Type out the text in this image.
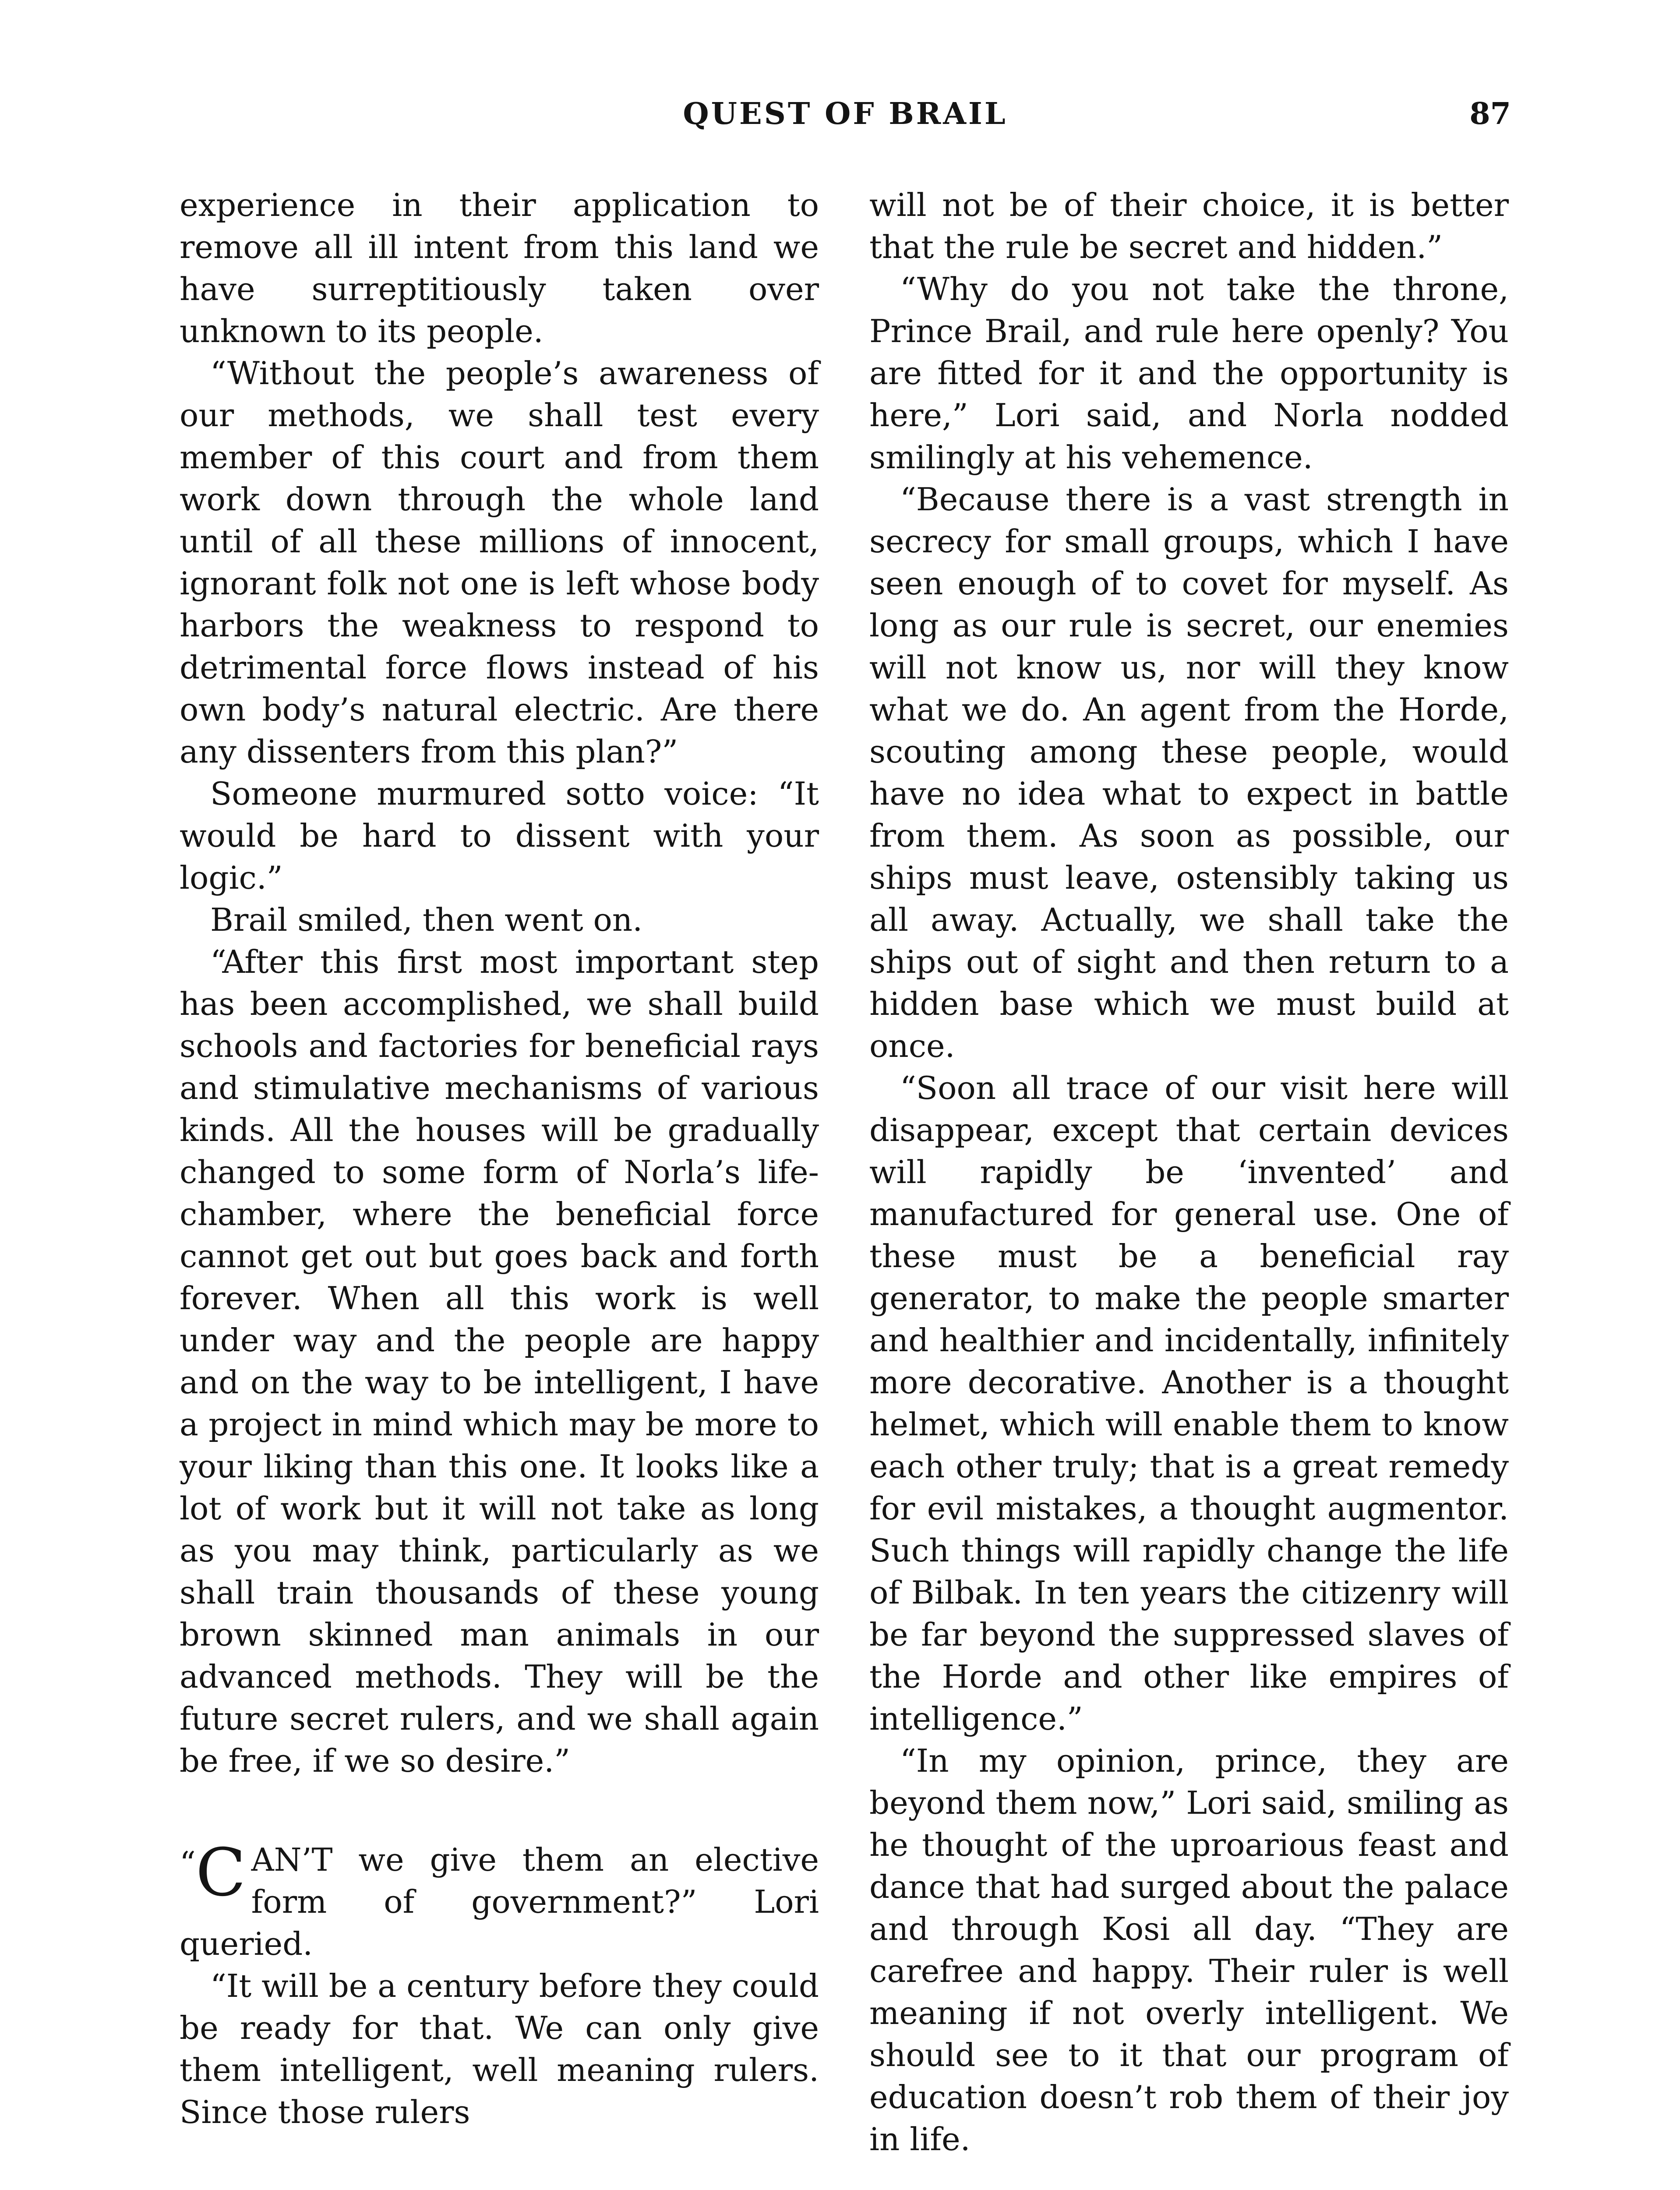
QUEST OF BRAIL	87

experience in their application to remove all ill intent from this land we have surreptitiously taken over unknown to its people.

“Without the people’s awareness of our methods, we shall test every member of this court and from them work down through the whole land until of all these millions of innocent, ignorant folk not one is left whose body harbors the weakness to respond to detrimental force flows instead of his own body’s natural electric. Are there any dissenters from this plan?”

Someone murmured sotto voice: “It would be hard to dissent with your logic.”

Brail smiled, then went on.

“After this first most important step has been accomplished, we shall build schools and factories for beneficial rays and stimulative mechanisms of various kinds. All the houses will be gradually changed to some form of Norla’s life-chamber, where the beneficial force cannot get out but goes back and forth forever. When all this work is well under way and the people are happy and on the way to be intelligent, I have a project in mind which may be more to your liking than this one. It looks like a lot of work but it will not take as long as you may think, particularly as we shall train thousands of these young brown skinned man animals in our advanced methods. They will be the future secret rulers, and we shall again be free, if we so desire.”

“C AN’T we give them an elective form of government?” Lori queried.

“It will be a century before they could be ready for that. We can only give them intelligent, well meaning rulers. Since those rulers

will not be of their choice, it is better that the rule be secret and hidden.”

“Why do you not take the throne, Prince Brail, and rule here openly? You are fitted for it and the opportunity is here,” Lori said, and Norla nodded smilingly at his vehemence.

“Because there is a vast strength in secrecy for small groups, which I have seen enough of to covet for myself. As long as our rule is secret, our enemies will not know us, nor will they know what we do. An agent from the Horde, scouting among these people, would have no idea what to expect in battle from them. As soon as possible, our ships must leave, ostensibly taking us all away. Actually, we shall take the ships out of sight and then return to a hidden base which we must build at once.

“Soon all trace of our visit here will disappear, except that certain devices will rapidly be ‘invented’ and manufactured for general use. One of these must be a beneficial ray generator, to make the people smarter and healthier and incidentally, infinitely more decorative. Another is a thought helmet, which will enable them to know each other truly; that is a great remedy for evil mistakes, a thought augmentor. Such things will rapidly change the life of Bilbak. In ten years the citizenry will be far beyond the suppressed slaves of the Horde and other like empires of intelligence.”

“In my opinion, prince, they are beyond them now,” Lori said, smiling as he thought of the uproarious feast and dance that had surged about the palace and through Kosi all day. “They are carefree and happy. Their ruler is well meaning if not overly intelligent. We should see to it that our program of education doesn’t rob them of their joy in life.
